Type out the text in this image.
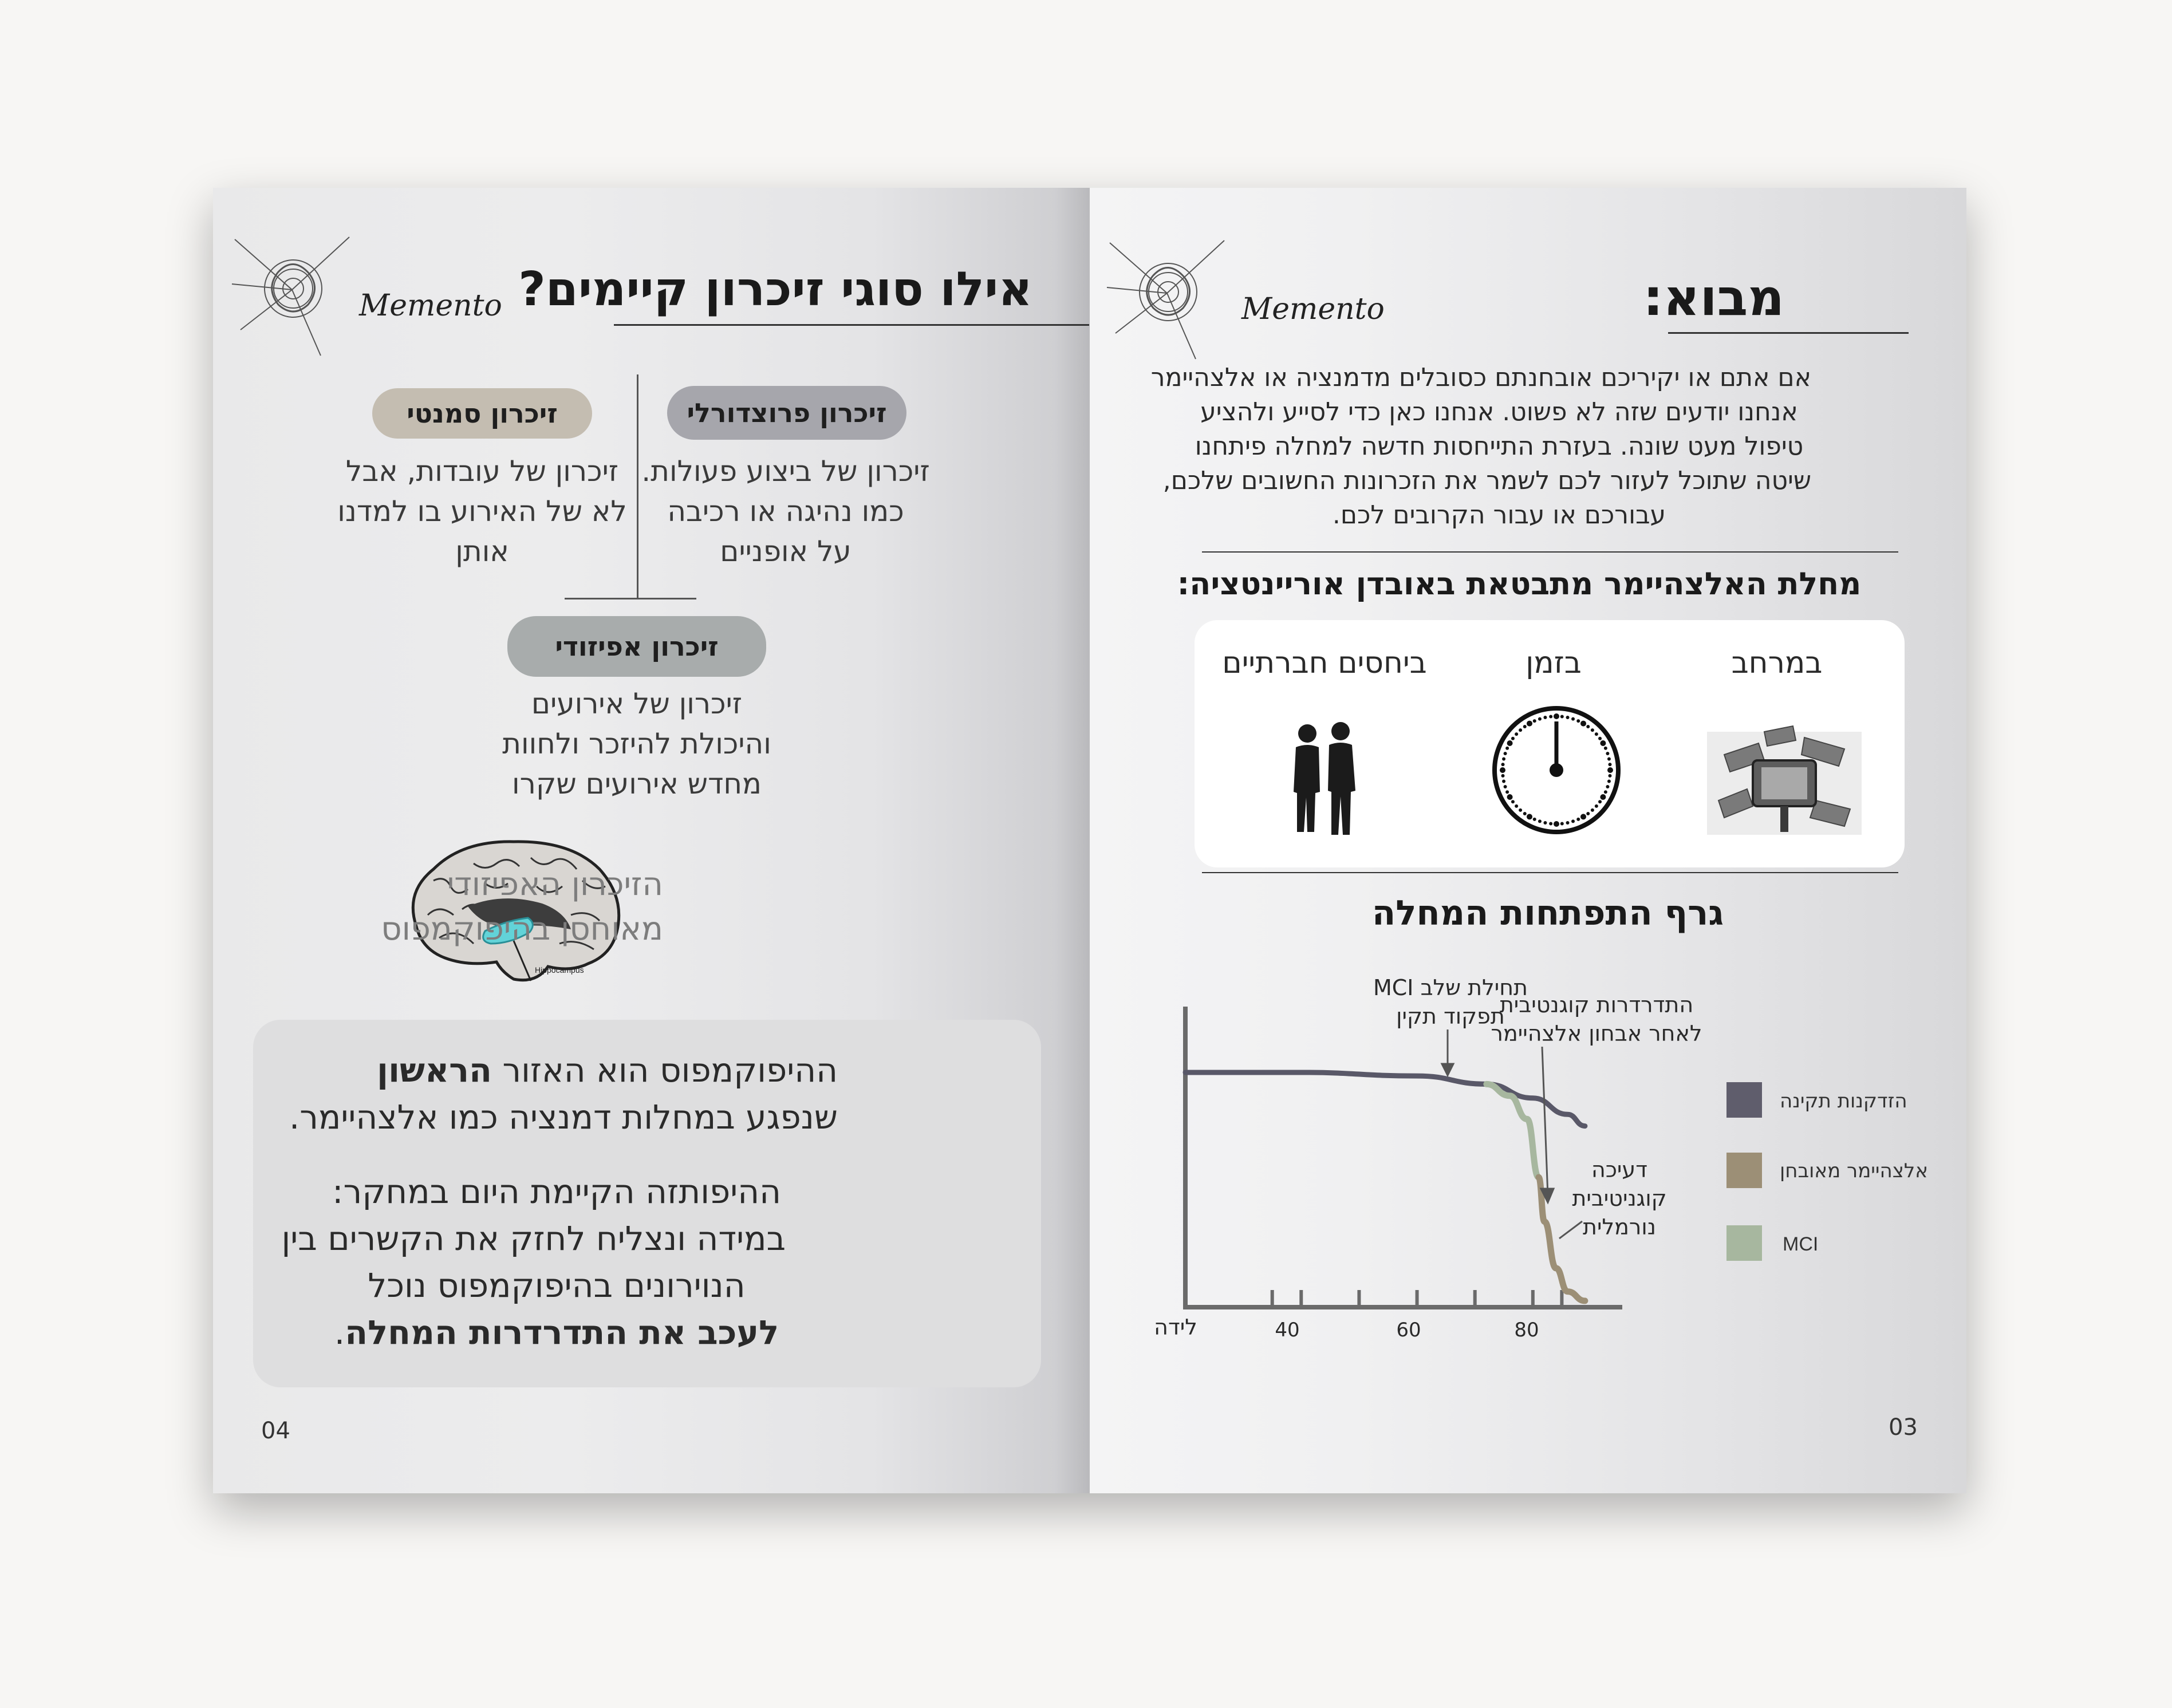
Memento אילו סוגי זיכרון קיימים?
זיכרון פרוצדורלי
זיכרון של ביצוע פעולות.
כמו נהיגה או רכיבה
על אופניים
זיכרון סמנטי
זיכרון של עובדות, אבל
לא של האירוע בו למדנו
אותן
זיכרון אפיזודי
זיכרון של אירועים
והיכולת להיזכר ולחוות
מחדש אירועים שקרו
Hippocampus
הזיכרון האפיזודי
מאוחסן בהיפוקמפוס
ההיפוקמפוס הוא האזור הראשון
שנפגע במחלות דמנציה כמו אלצהיימר.
ההיפותזה הקיימת היום במחקר:
במידה ונצליח לחזק את הקשרים בין
הנוירונים בהיפוקמפוס נוכל
לעכב את התדרדרות המחלה.
04
Memento	מבוא:
אם אתם או יקיריכם אובחנתם כסובלים מדמנציה או אלצהיימר
אנחנו יודעים שזה לא פשוט. אנחנו כאן כדי לסייע ולהציע
טיפול מעט שונה. בעזרת התייחסות חדשה למחלה פיתחנו
שיטה שתוכל לעזור לכם לשמר את הזכרונות החשובים שלכם,
עבורכם או עבור הקרובים לכם.
מחלת האלצהיימר מתבטאת באובדן אוריינטציה:
במרחב
בזמן
ביחסים חברתיים
גרף התפתחות המחלה
לידה	40	60	80
תחילת שלב MCI
תפקוד תקין
התדרדרות קוגנטיבית
לאחר אבחון אלצהיימר
דעיכה
קוגניטיבית
נורמלית
הזדקנות תקינה
אלצהיימר מאובחן
MCI
03
